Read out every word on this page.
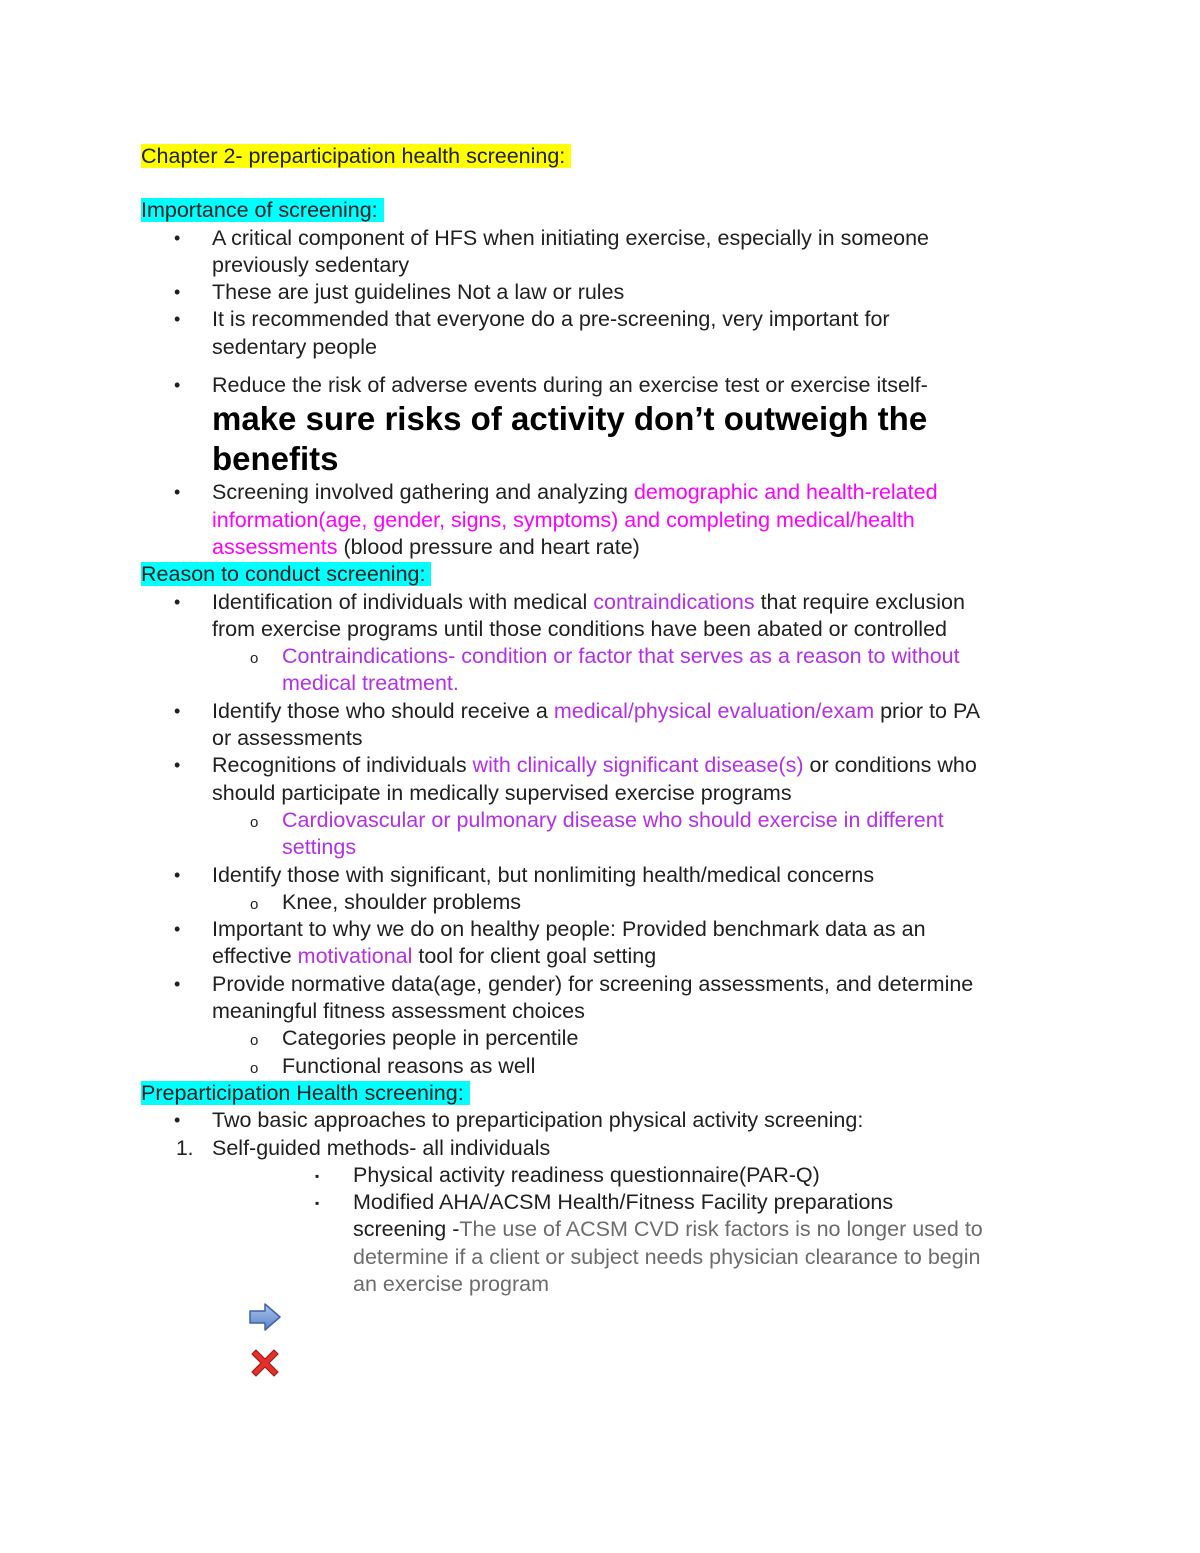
Chapter 2- preparticipation health screening:
Importance of screening:
• A critical component of HFS when initiating exercise, especially in someone
previously sedentary
• These are just guidelines Not a law or rules
• It is recommended that everyone do a pre-screening, very important for
sedentary people
• Reduce the risk of adverse events during an exercise test or exercise itself-
make sure risks of activity don’t outweigh the
benefits
• Screening involved gathering and analyzing demographic and health-related
information(age, gender, signs, symptoms) and completing medical/health
assessments (blood pressure and heart rate)
Reason to conduct screening:
• Identification of individuals with medical contraindications that require exclusion
from exercise programs until those conditions have been abated or controlled
o Contraindications- condition or factor that serves as a reason to without
medical treatment.
• Identify those who should receive a medical/physical evaluation/exam prior to PA
or assessments
• Recognitions of individuals with clinically significant disease(s) or conditions who
should participate in medically supervised exercise programs
o Cardiovascular or pulmonary disease who should exercise in different
settings
• Identify those with significant, but nonlimiting health/medical concerns
o Knee, shoulder problems
• Important to why we do on healthy people: Provided benchmark data as an
effective motivational tool for client goal setting
• Provide normative data(age, gender) for screening assessments, and determine
meaningful fitness assessment choices
o Categories people in percentile
o Functional reasons as well
Preparticipation Health screening:
• Two basic approaches to preparticipation physical activity screening:
1. Self-guided methods- all individuals
▪ Physical activity readiness questionnaire(PAR-Q)
▪ Modified AHA/ACSM Health/Fitness Facility preparations
screening -The use of ACSM CVD risk factors is no longer used to
determine if a client or subject needs physician clearance to begin
an exercise program
